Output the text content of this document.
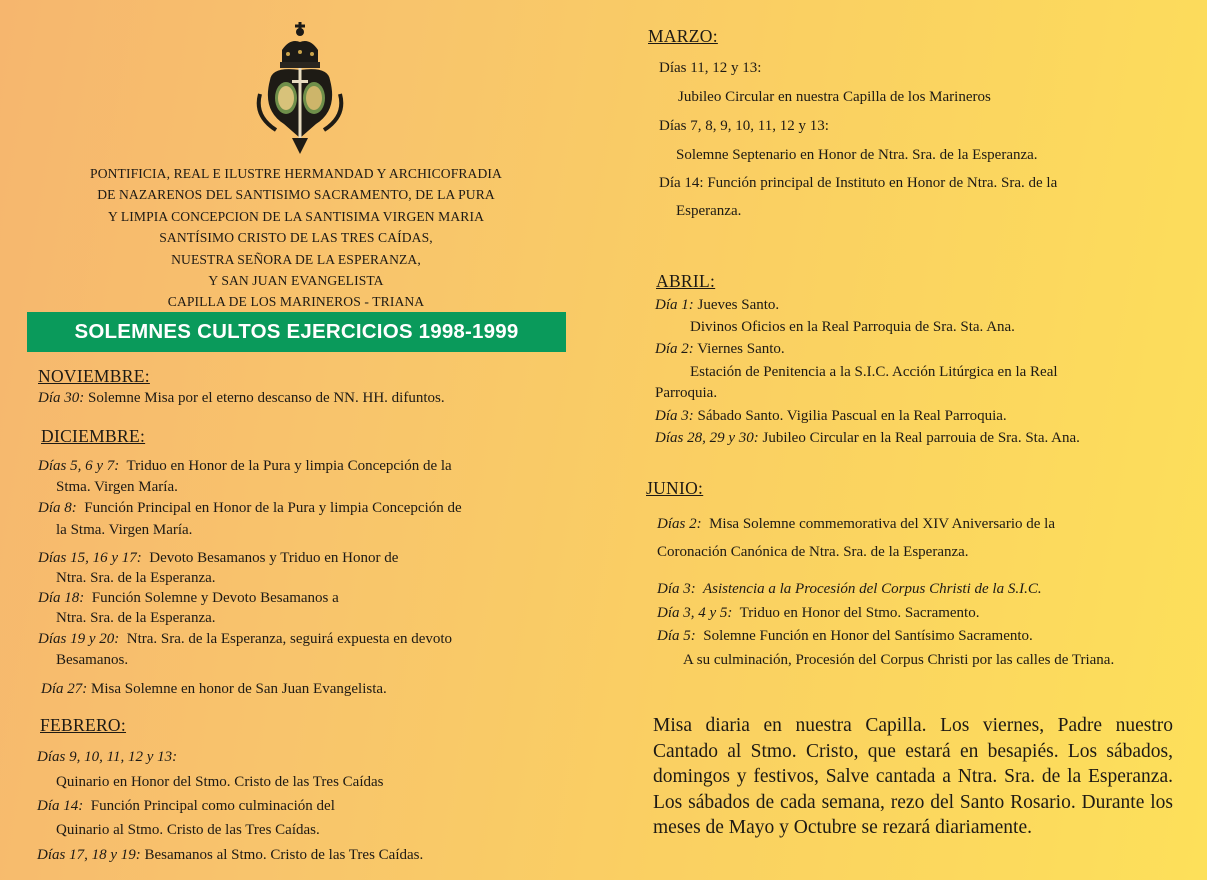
PONTIFICIA, REAL E ILUSTRE HERMANDAD Y ARCHICOFRADIA
DE NAZARENOS DEL SANTISIMO SACRAMENTO, DE LA PURA
Y LIMPIA CONCEPCION DE LA SANTISIMA VIRGEN MARIA
SANTÍSIMO CRISTO DE LAS TRES CAÍDAS,
NUESTRA SEÑORA DE LA ESPERANZA,
Y SAN JUAN EVANGELISTA
CAPILLA DE LOS MARINEROS - TRIANA
SOLEMNES CULTOS EJERCICIOS 1998-1999
NOVIEMBRE:
Día 30: Solemne Misa por el eterno descanso de NN. HH. difuntos.
DICIEMBRE:
Días 5, 6 y 7:  Triduo en Honor de la Pura y limpia Concepción de la
Stma. Virgen María.
Día 8:  Función Principal en Honor de la Pura y limpia Concepción de
la Stma. Virgen María.
Días 15, 16 y 17:  Devoto Besamanos y Triduo en Honor de
Ntra. Sra. de la Esperanza.
Día 18:  Función Solemne y Devoto Besamanos a
Ntra. Sra. de la Esperanza.
Días 19 y 20:  Ntra. Sra. de la Esperanza, seguirá expuesta en devoto
Besamanos.
Día 27: Misa Solemne en honor de San Juan Evangelista.
FEBRERO:
Días 9, 10, 11, 12 y 13:
Quinario en Honor del Stmo. Cristo de las Tres Caídas
Día 14:  Función Principal como culminación del
Quinario al Stmo. Cristo de las Tres Caídas.
Días 17, 18 y 19: Besamanos al Stmo. Cristo de las Tres Caídas.
MARZO:
Días 11, 12 y 13:
Jubileo Circular en nuestra Capilla de los Marineros
Días 7, 8, 9, 10, 11, 12 y 13:
Solemne Septenario en Honor de Ntra. Sra. de la Esperanza.
Día 14: Función principal de Instituto en Honor de Ntra. Sra. de la
Esperanza.
ABRIL:
Día 1: Jueves Santo.
Divinos Oficios en la Real Parroquia de Sra. Sta. Ana.
Día 2: Viernes Santo.
Estación de Penitencia a la S.I.C. Acción Litúrgica en la Real
Parroquia.
Día 3: Sábado Santo. Vigilia Pascual en la Real Parroquia.
Días 28, 29 y 30: Jubileo Circular en la Real parrouia de Sra. Sta. Ana.
JUNIO:
Días 2:  Misa Solemne commemorativa del XIV Aniversario de la
Coronación Canónica de Ntra. Sra. de la Esperanza.
Día 3:  Asistencia a la Procesión del Corpus Christi de la S.I.C.
Día 3, 4 y 5:  Triduo en Honor del Stmo. Sacramento.
Día 5:  Solemne Función en Honor del Santísimo Sacramento.
A su culminación, Procesión del Corpus Christi por las calles de Triana.
Misa diaria en nuestra Capilla. Los viernes, Padre nuestro Cantado al Stmo. Cristo, que estará en besapiés. Los sábados, domingos y festivos, Salve cantada a Ntra. Sra. de la Esperanza. Los sábados de cada semana, rezo del Santo Rosario. Durante los meses de Mayo y Octubre se rezará diariamente.
